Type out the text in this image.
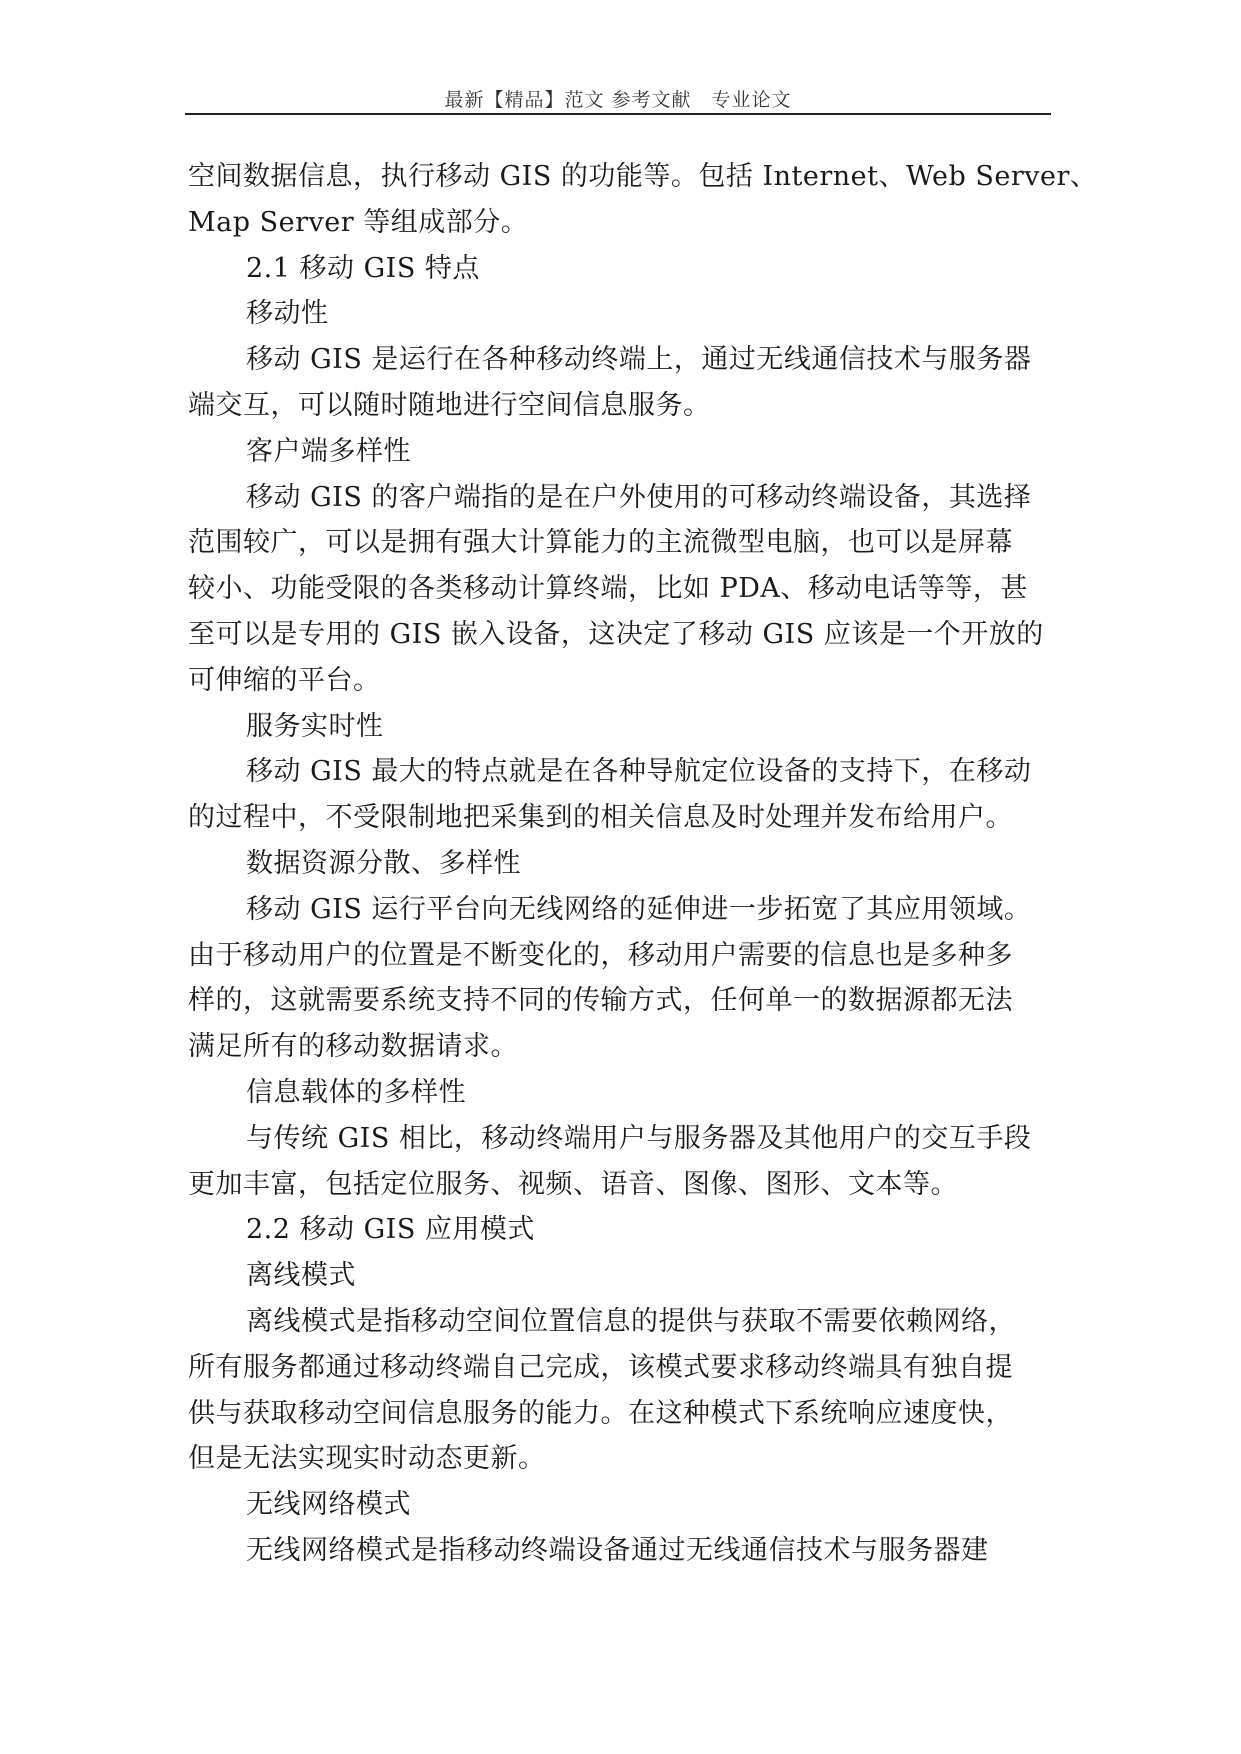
最新【精品】范文 参考文献　专业论文
空间数据信息，执行移动 GIS 的功能等。包括 Internet、Web Server、
Map Server 等组成部分。
2.1 移动 GIS 特点
移动性
移动 GIS 是运行在各种移动终端上，通过无线通信技术与服务器
端交互，可以随时随地进行空间信息服务。
客户端多样性
移动 GIS 的客户端指的是在户外使用的可移动终端设备，其选择
范围较广，可以是拥有强大计算能力的主流微型电脑，也可以是屏幕
较小、功能受限的各类移动计算终端，比如 PDA、移动电话等等，甚
至可以是专用的 GIS 嵌入设备，这决定了移动 GIS 应该是一个开放的
可伸缩的平台。
服务实时性
移动 GIS 最大的特点就是在各种导航定位设备的支持下，在移动
的过程中，不受限制地把采集到的相关信息及时处理并发布给用户。
数据资源分散、多样性
移动 GIS 运行平台向无线网络的延伸进一步拓宽了其应用领域。
由于移动用户的位置是不断变化的，移动用户需要的信息也是多种多
样的，这就需要系统支持不同的传输方式，任何单一的数据源都无法
满足所有的移动数据请求。
信息载体的多样性
与传统 GIS 相比，移动终端用户与服务器及其他用户的交互手段
更加丰富，包括定位服务、视频、语音、图像、图形、文本等。
2.2 移动 GIS 应用模式
离线模式
离线模式是指移动空间位置信息的提供与获取不需要依赖网络，
所有服务都通过移动终端自己完成，该模式要求移动终端具有独自提
供与获取移动空间信息服务的能力。在这种模式下系统响应速度快，
但是无法实现实时动态更新。
无线网络模式
无线网络模式是指移动终端设备通过无线通信技术与服务器建
